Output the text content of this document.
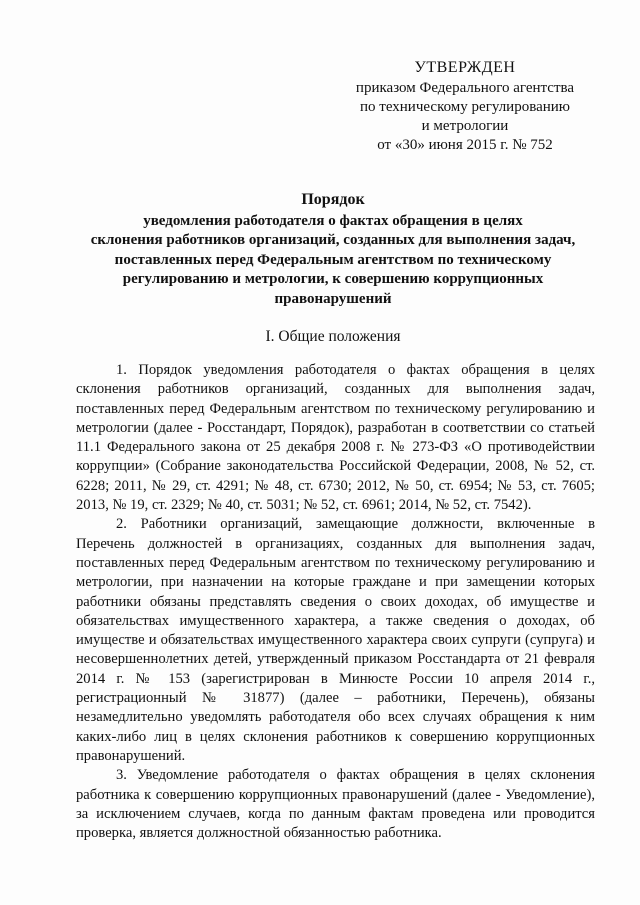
УТВЕРЖДЕН
приказом Федерального агентства
по техническому регулированию
и метрологии
от «30» июня 2015 г. № 752
Порядок
уведомления работодателя о фактах обращения в целях
склонения работников организаций, созданных для выполнения задач,
поставленных перед Федеральным агентством по техническому
регулированию и метрологии, к совершению коррупционных
правонарушений
I. Общие положения

1. Порядок уведомления работодателя о фактах обращения в целях склонения работников организаций, созданных для выполнения задач, поставленных перед Федеральным агентством по техническому регулированию и метрологии (далее - Росстандарт, Порядок), разработан в соответствии со статьей 11.1 Федерального закона от 25 декабря 2008 г. № 273-ФЗ «О противодействии коррупции» (Собрание законодательства Российской Федерации, 2008, № 52, ст. 6228; 2011, № 29, ст. 4291; № 48, ст. 6730; 2012, № 50, ст. 6954; № 53, ст. 7605; 2013, № 19, ст. 2329; № 40, ст. 5031; № 52, ст. 6961; 2014, № 52, ст. 7542).

2. Работники организаций, замещающие должности, включенные в Перечень должностей в организациях, созданных для выполнения задач, поставленных перед Федеральным агентством по техническому регулированию и метрологии, при назначении на которые граждане и при замещении которых работники обязаны представлять сведения о своих доходах, об имуществе и обязательствах имущественного характера, а также сведения о доходах, об имуществе и обязательствах имущественного характера своих супруги (супруга) и несовершеннолетних детей, утвержденный приказом Росстандарта от 21 февраля 2014 г. № 153 (зарегистрирован в Минюсте России 10 апреля 2014 г., регистрационный № 31877) (далее – работники, Перечень), обязаны незамедлительно уведомлять работодателя обо всех случаях обращения к ним каких-либо лиц в целях склонения работников к совершению коррупционных правонарушений.

3. Уведомление работодателя о фактах обращения в целях склонения работника к совершению коррупционных правонарушений (далее - Уведомление), за исключением случаев, когда по данным фактам проведена или проводится проверка, является должностной обязанностью работника.
